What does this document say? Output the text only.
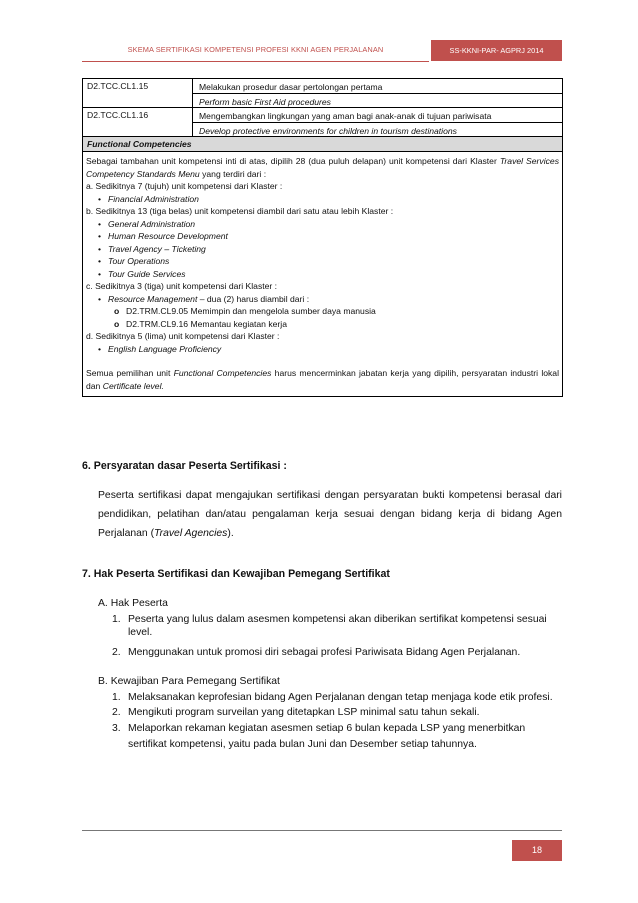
SKEMA SERTIFIKASI KOMPETENSI PROFESI KKNI AGEN PERJALANAN	SS-KKNI-PAR- AGPRJ 2014
D2.TCC.CL1.15	Melakukan prosedur dasar pertolongan pertama
Perform basic First Aid procedures
D2.TCC.CL1.16	Mengembangkan lingkungan yang aman bagi anak-anak di tujuan pariwisata
Develop protective environments for children in tourism destinations
Functional Competencies

Sebagai tambahan unit kompetensi inti di atas, dipilih 28 (dua puluh delapan) unit kompetensi dari Klaster Travel Services Competency Standards Menu yang terdiri dari :

a. Sedikitnya 7 (tujuh) unit kompetensi dari Klaster :
• Financial Administration
b. Sedikitnya 13 (tiga belas) unit kompetensi diambil dari satu atau lebih Klaster :
• General Administration
• Human Resource Development
• Travel Agency – Ticketing
• Tour Operations
• Tour Guide Services
c. Sedikitnya 3 (tiga) unit kompetensi dari Klaster :
• Resource Management – dua (2) harus diambil dari :
o D2.TRM.CL9.05 Memimpin dan mengelola sumber daya manusia
o D2.TRM.CL9.16 Memantau kegiatan kerja
d. Sedikitnya 5 (lima) unit kompetensi dari Klaster :
• English Language Proficiency

Semua pemilihan unit Functional Competencies harus mencerminkan jabatan kerja yang dipilih, persyaratan industri lokal dan Certificate level.

6. Persyaratan dasar Peserta Sertifikasi :

Peserta sertifikasi dapat mengajukan sertifikasi dengan persyaratan bukti kompetensi berasal dari pendidikan, pelatihan dan/atau pengalaman kerja sesuai dengan bidang kerja di bidang Agen Perjalanan (Travel Agencies).

7. Hak Peserta Sertifikasi dan Kewajiban Pemegang Sertifikat
A. Hak Peserta
1. Peserta yang lulus dalam asesmen kompetensi akan diberikan sertifikat kompetensi sesuai level.
2. Menggunakan untuk promosi diri sebagai profesi Pariwisata Bidang Agen Perjalanan.
B. Kewajiban Para Pemegang Sertifikat
1. Melaksanakan keprofesian bidang Agen Perjalanan dengan tetap menjaga kode etik profesi.
2. Mengikuti program surveilan yang ditetapkan LSP minimal satu tahun sekali.
3. Melaporkan rekaman kegiatan asesmen setiap 6 bulan kepada LSP yang menerbitkan sertifikat kompetensi, yaitu pada bulan Juni dan Desember setiap tahunnya.
18
